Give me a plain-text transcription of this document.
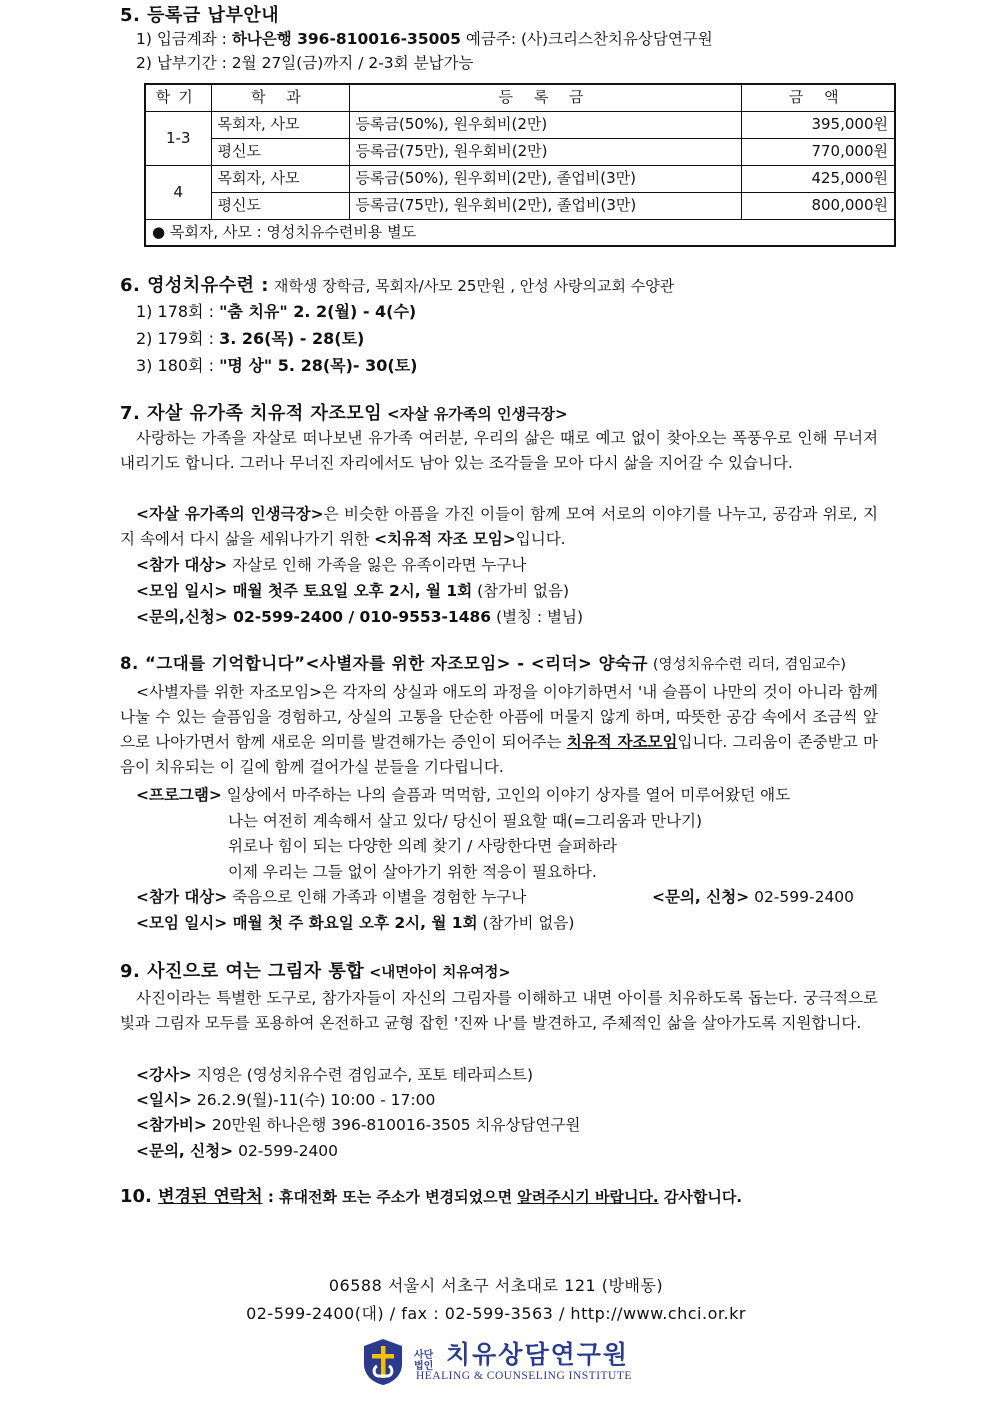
5. 등록금 납부안내
1) 입금계좌 : 하나은행 396-810016-35005 예금주: (사)크리스찬치유상담연구원
2) 납부기간 : 2월 27일(금)까지 / 2-3회 분납가능
학기	학 과	등 록 금	금 액
1-3	목회자, 사모	등록금(50%), 원우회비(2만)	395,000원
	평신도	등록금(75만), 원우회비(2만)	770,000원
4	목회자, 사모	등록금(50%), 원우회비(2만), 졸업비(3만)	425,000원
	평신도	등록금(75만), 원우회비(2만), 졸업비(3만)	800,000원
● 목회자, 사모 : 영성치유수련비용 별도			
6. 영성치유수련 : 재학생 장학금, 목회자/사모 25만원 , 안성 사랑의교회 수양관
1) 178회 : "춤 치유" 2. 2(월) - 4(수)
2) 179회 : 3. 26(목) - 28(토)
3) 180회 : "명 상" 5. 28(목)- 30(토)
7. 자살 유가족 치유적 자조모임 <자살 유가족의 인생극장>
사랑하는 가족을 자살로 떠나보낸 유가족 여러분, 우리의 삶은 때로 예고 없이 찾아오는 폭풍우로 인해 무너져 내리기도 합니다. 그러나 무너진 자리에서도 남아 있는 조각들을 모아 다시 삶을 지어갈 수 있습니다.
<자살 유가족의 인생극장>은 비슷한 아픔을 가진 이들이 함께 모여 서로의 이야기를 나누고, 공감과 위로, 지지 속에서 다시 삶을 세워나가기 위한 <치유적 자조 모임>입니다.
<참가 대상> 자살로 인해 가족을 잃은 유족이라면 누구나
<모임 일시> 매월 첫주 토요일 오후 2시, 월 1회 (참가비 없음)
<문의,신청> 02-599-2400 / 010-9553-1486 (별칭 : 별님)
8. “그대를 기억합니다”<사별자를 위한 자조모임> - <리더> 양숙규 (영성치유수련 리더, 겸임교수)
<사별자를 위한 자조모임>은 각자의 상실과 애도의 과정을 이야기하면서 '내 슬픔이 나만의 것이 아니라 함께 나눌 수 있는 슬픔임을 경험하고, 상실의 고통을 단순한 아픔에 머물지 않게 하며, 따뜻한 공감 속에서 조금씩 앞으로 나아가면서 함께 새로운 의미를 발견해가는 증인이 되어주는 치유적 자조모임입니다. 그리움이 존중받고 마음이 치유되는 이 길에 함께 걸어가실 분들을 기다립니다.
<프로그램> 일상에서 마주하는 나의 슬픔과 먹먹함, 고인의 이야기 상자를 열어 미루어왔던 애도
나는 여전히 계속해서 살고 있다/ 당신이 필요할 때(=그리움과 만나기)
위로나 힘이 되는 다양한 의례 찾기 / 사랑한다면 슬퍼하라
이제 우리는 그들 없이 살아가기 위한 적응이 필요하다.
<참가 대상> 죽음으로 인해 가족과 이별을 경험한 누구나	<문의, 신청> 02-599-2400
<모임 일시> 매월 첫 주 화요일 오후 2시, 월 1회 (참가비 없음)
9. 사진으로 여는 그림자 통합 <내면아이 치유여정>
사진이라는 특별한 도구로, 참가자들이 자신의 그림자를 이해하고 내면 아이를 치유하도록 돕는다. 궁극적으로 빛과 그림자 모두를 포용하여 온전하고 균형 잡힌 '진짜 나'를 발견하고, 주체적인 삶을 살아가도록 지원합니다.
<강사> 지영은 (영성치유수련 겸임교수, 포토 테라피스트)
<일시> 26.2.9(월)-11(수) 10:00 - 17:00
<참가비> 20만원 하나은행 396-810016-3505 치유상담연구원
<문의, 신청> 02-599-2400
10. 변경된 연락처 : 휴대전화 또는 주소가 변경되었으면 알려주시기 바랍니다. 감사합니다.
06588 서울시 서초구 서초대로 121 (방배동)
02-599-2400(대) / fax : 02-599-3563 / http://www.chci.or.kr
사단법인 치유상담연구원
HEALING & COUNSELING INSTITUTE
